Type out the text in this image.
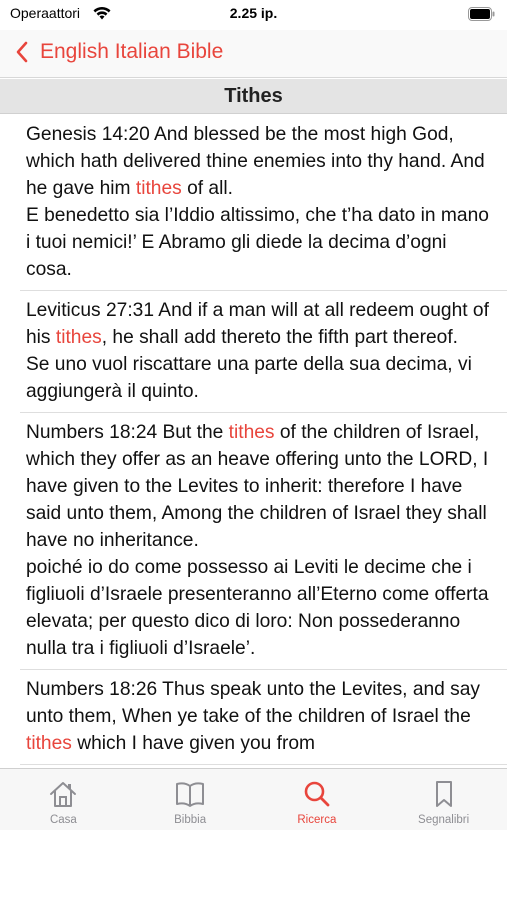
Operaattori	2.25 ip.
English Italian Bible
Tithes
Genesis 14:20 And blessed be the most high God, which hath delivered thine enemies into thy hand. And he gave him tithes of all.
E benedetto sia l’Iddio altissimo, che t’ha dato in mano i tuoi nemici!’ E Abramo gli diede la decima d’ogni cosa.
Leviticus 27:31 And if a man will at all redeem ought of his tithes, he shall add thereto the fifth part thereof.
Se uno vuol riscattare una parte della sua decima, vi aggiungerà il quinto.
Numbers 18:24 But the tithes of the children of Israel, which they offer as an heave offering unto the LORD, I have given to the Levites to inherit: therefore I have said unto them, Among the children of Israel they shall have no inheritance.
poiché io do come possesso ai Leviti le decime che i figliuoli d’Israele presenteranno all’Eterno come offerta elevata; per questo dico di loro: Non possederanno nulla tra i figliuoli d’Israele’.
Numbers 18:26 Thus speak unto the Levites, and say unto them, When ye take of the children of Israel the tithes which I have given you from
Casa	Bibbia	Ricerca	Segnalibri
